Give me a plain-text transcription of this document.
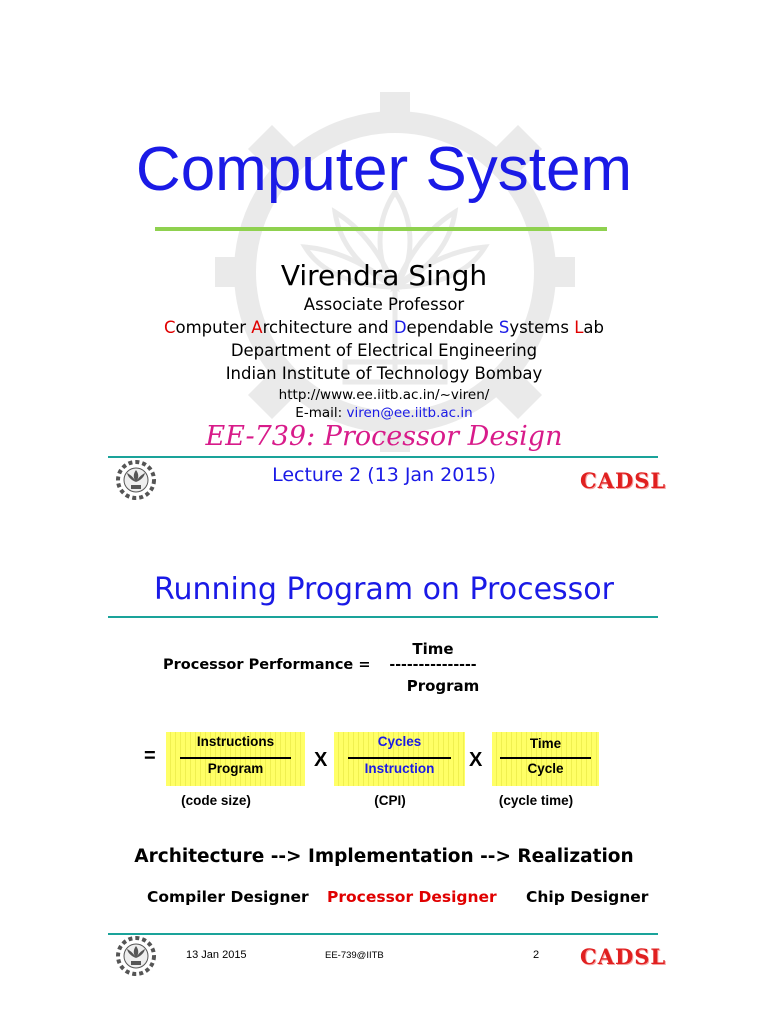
Computer System
Virendra Singh
Associate Professor
Computer Architecture and Dependable Systems Lab
Department of Electrical Engineering
Indian Institute of Technology Bombay
http://www.ee.iitb.ac.in/~viren/
E-mail: viren@ee.iitb.ac.in
EE-739: Processor Design
Lecture 2 (13 Jan 2015)	CADSL
Running Program on Processor
Processor Performance =
Time
---------------
Program
=
Instructions
Program	X
Cycles
Instruction	X
Time
Cycle
(code size)	(CPI)	(cycle time)
Architecture --> Implementation --> Realization
Compiler Designer Processor Designer Chip Designer
13 Jan 2015	EE-739@IITB	2 CADSL
